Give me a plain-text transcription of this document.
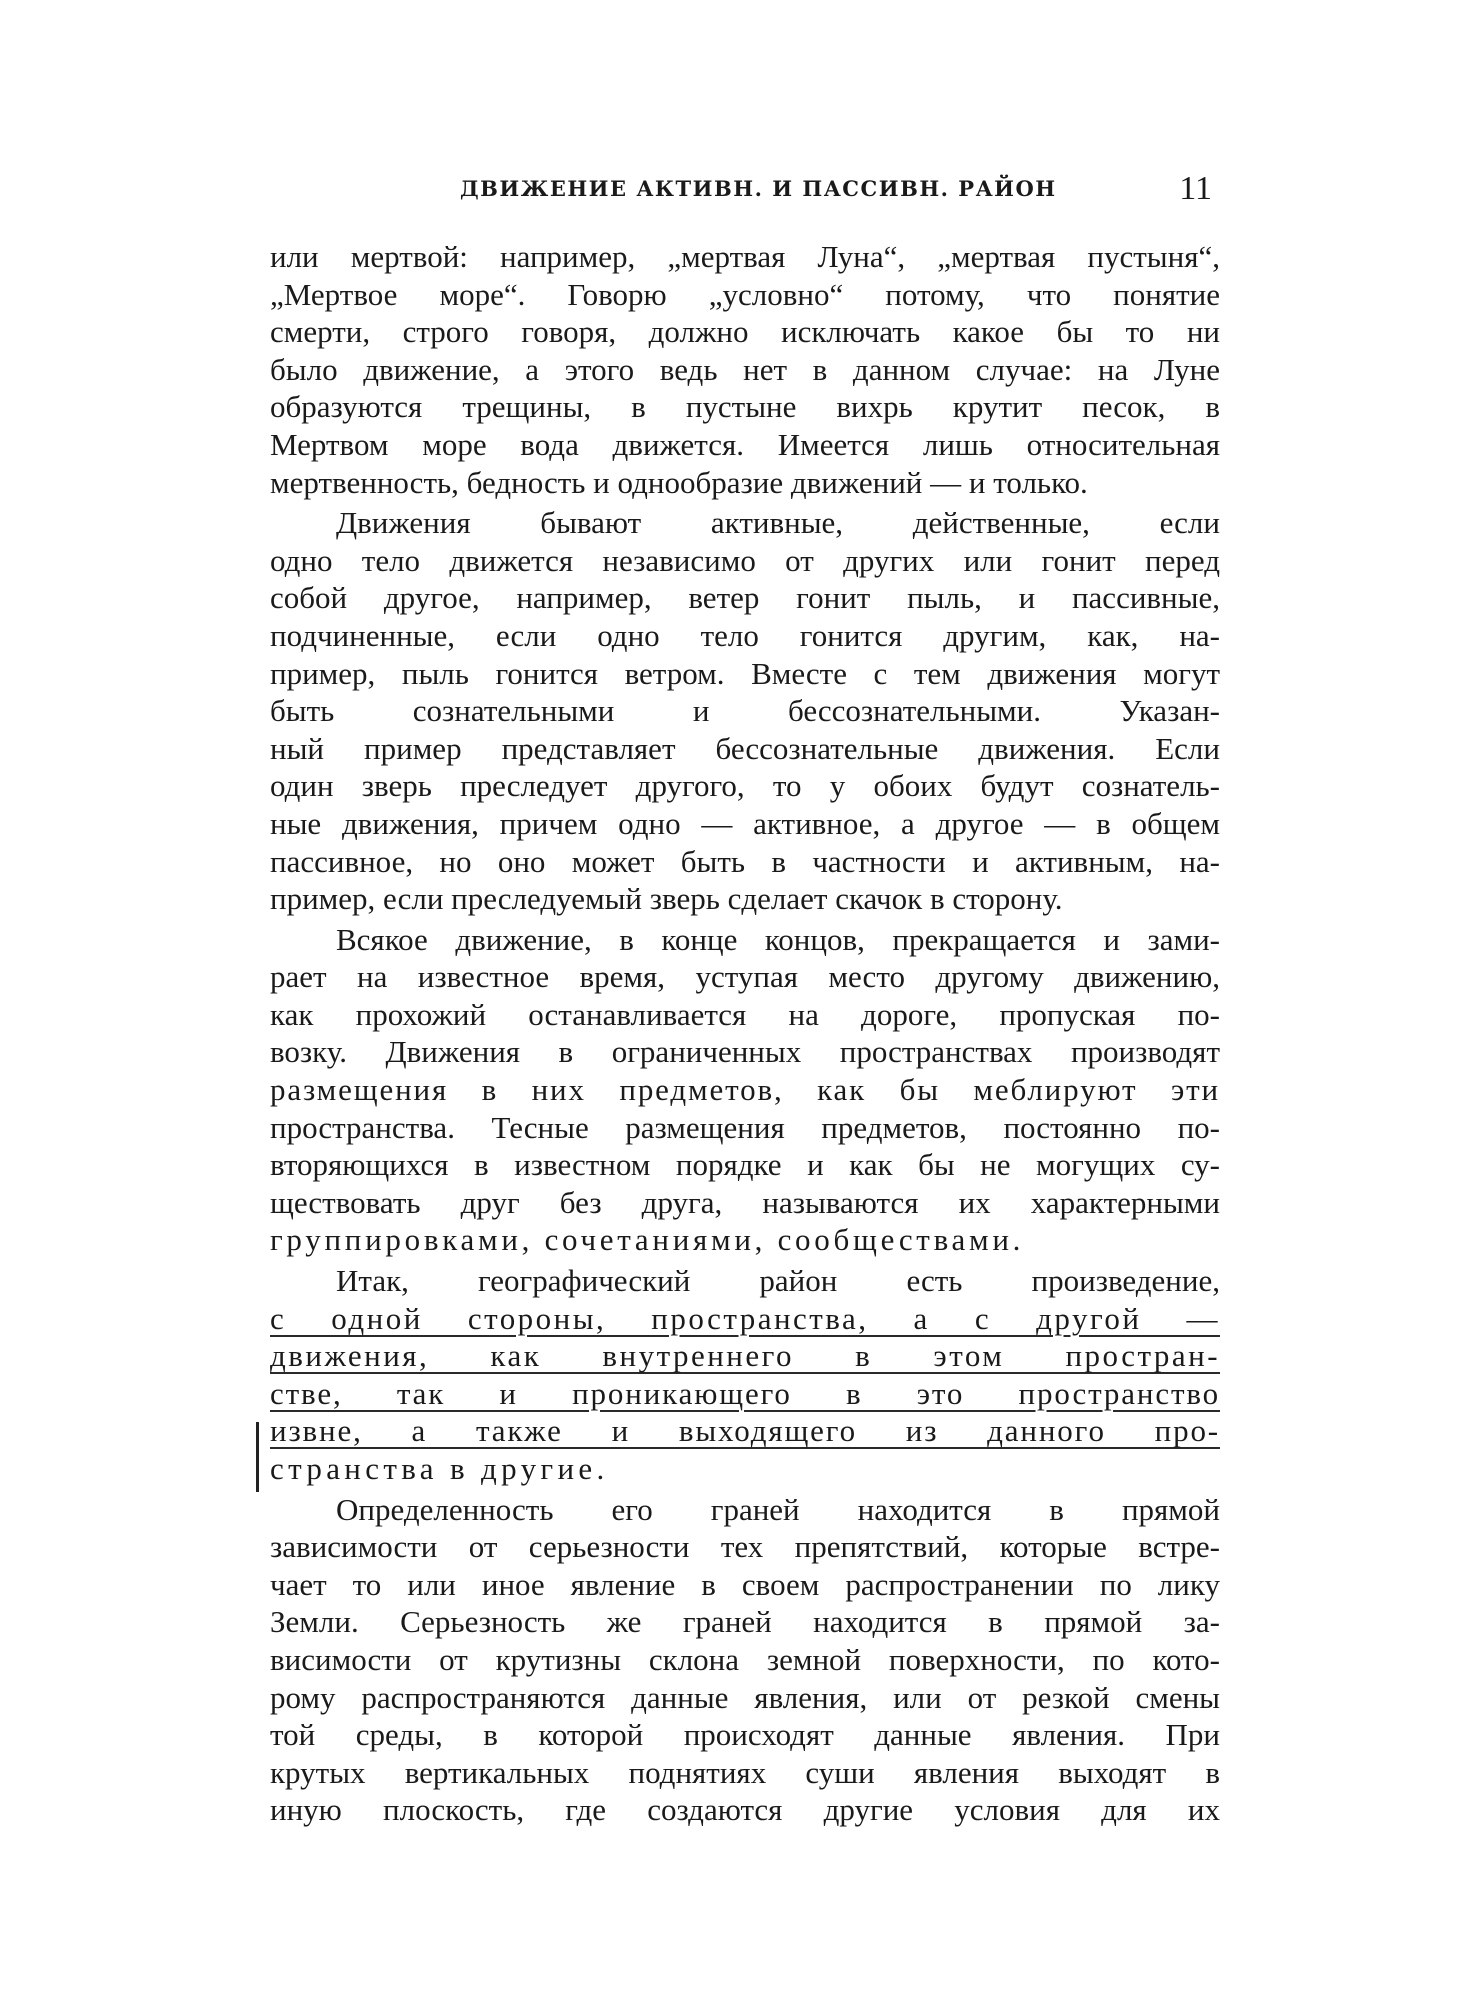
ДВИЖЕНИЕ АКТИВН. И ПАССИВН. РАЙОН	11
или мертвой: например, „мертвая Луна“, „мертвая пустыня“,
„Мертвое море“. Говорю „условно“ потому, что понятие
смерти, строго говоря, должно исключать какое бы то ни
было движение, а этого ведь нет в данном случае: на Луне
образуются трещины, в пустыне вихрь крутит песок, в
Мертвом море вода движется. Имеется лишь относительная
мертвенность, бедность и однообразие движений — и только.
Движения бывают активные, действенные, если
одно тело движется независимо от других или гонит перед
собой другое, например, ветер гонит пыль, и пассивные,
подчиненные, если одно тело гонится другим, как, на-
пример, пыль гонится ветром. Вместе с тем движения могут
быть сознательными и бессознательными. Указан-
ный пример представляет бессознательные движения. Если
один зверь преследует другого, то у обоих будут сознатель-
ные движения, причем одно — активное, а другое — в общем
пассивное, но оно может быть в частности и активным, на-
пример, если преследуемый зверь сделает скачок в сторону.
Всякое движение, в конце концов, прекращается и зами-
рает на известное время, уступая место другому движению,
как прохожий останавливается на дороге, пропуская по-
возку. Движения в ограниченных пространствах производят
размещения в них предметов, как бы меблируют эти
пространства. Тесные размещения предметов, постоянно по-
вторяющихся в известном порядке и как бы не могущих су-
ществовать друг без друга, называются их характерными
группировками, сочетаниями, сообществами.
Итак, географический район есть произведение,
с одной стороны, пространства, а с другой —
движения, как внутреннего в этом простран-
стве, так и проникающего в это пространство
извне, а также и выходящего из данного про-
странства в другие.
Определенность его граней находится в прямой
зависимости от серьезности тех препятствий, которые встре-
чает то или иное явление в своем распространении по лику
Земли. Серьезность же граней находится в прямой за-
висимости от крутизны склона земной поверхности, по кото-
рому распространяются данные явления, или от резкой смены
той среды, в которой происходят данные явления. При
крутых вертикальных поднятиях суши явления выходят в
иную плоскость, где создаются другие условия для их
